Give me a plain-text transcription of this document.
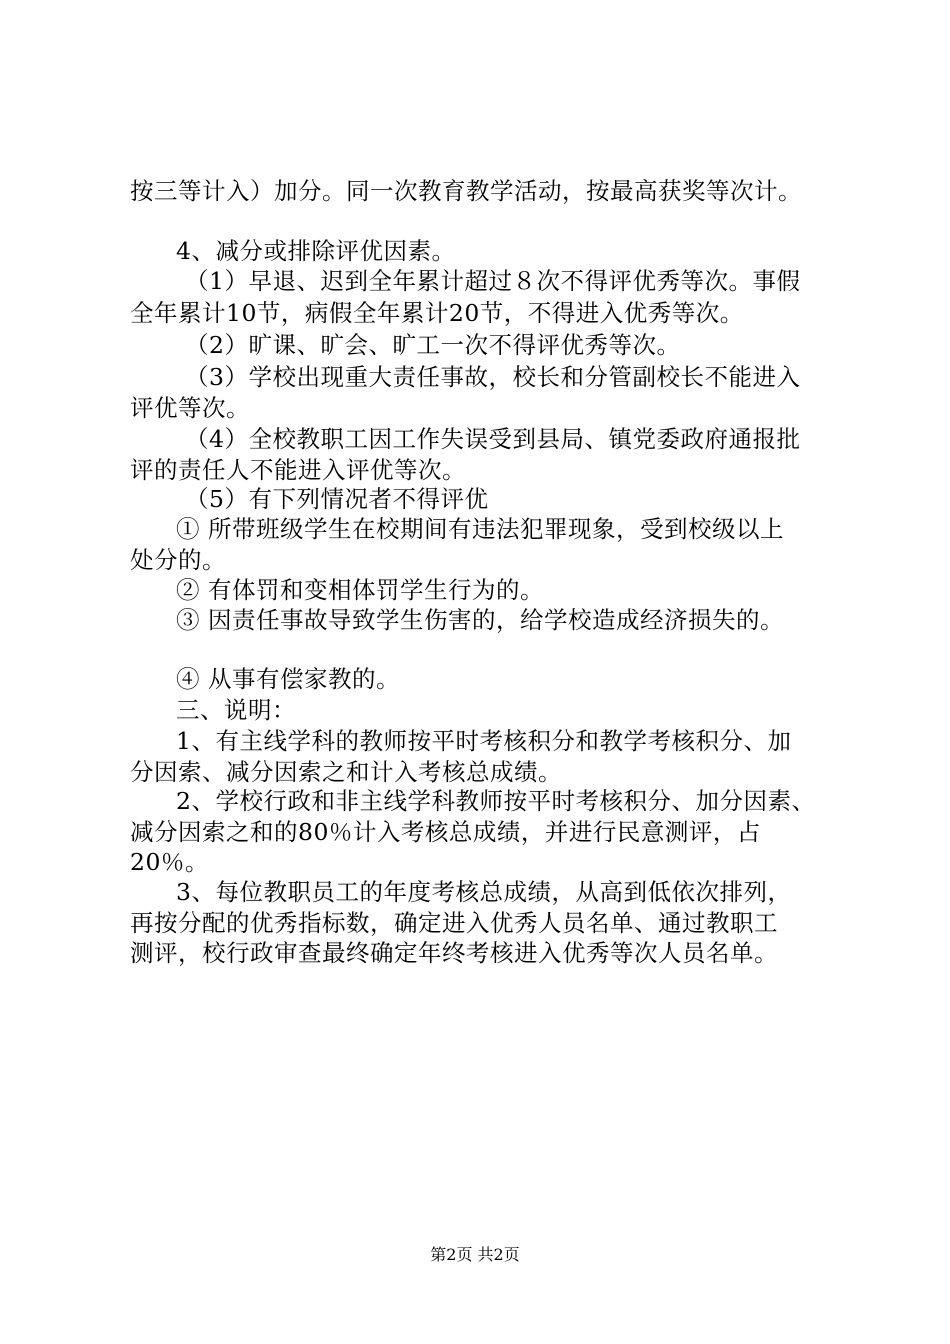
按三等计入）加分。同一次教育教学活动，按最高获奖等次计。
4、减分或排除评优因素。
（1）早退、迟到全年累计超过８次不得评优秀等次。事假
全年累计10节，病假全年累计20节，不得进入优秀等次。
（2）旷课、旷会、旷工一次不得评优秀等次。
（3）学校出现重大责任事故，校长和分管副校长不能进入
评优等次。
（4）全校教职工因工作失误受到县局、镇党委政府通报批
评的责任人不能进入评优等次。
（5）有下列情况者不得评优
① 所带班级学生在校期间有违法犯罪现象，受到校级以上
处分的。
② 有体罚和变相体罚学生行为的。
③ 因责任事故导致学生伤害的，给学校造成经济损失的。
④ 从事有偿家教的。
三、说明：
1、有主线学科的教师按平时考核积分和教学考核积分、加
分因索、减分因索之和计入考核总成绩。
2、学校行政和非主线学科教师按平时考核积分、加分因素、
减分因索之和的80％计入考核总成绩，并进行民意测评，占
20％。
3、每位教职员工的年度考核总成绩，从高到低依次排列，
再按分配的优秀指标数，确定进入优秀人员名单、通过教职工
测评，校行政审查最终确定年终考核进入优秀等次人员名单。
第2页 共2页
